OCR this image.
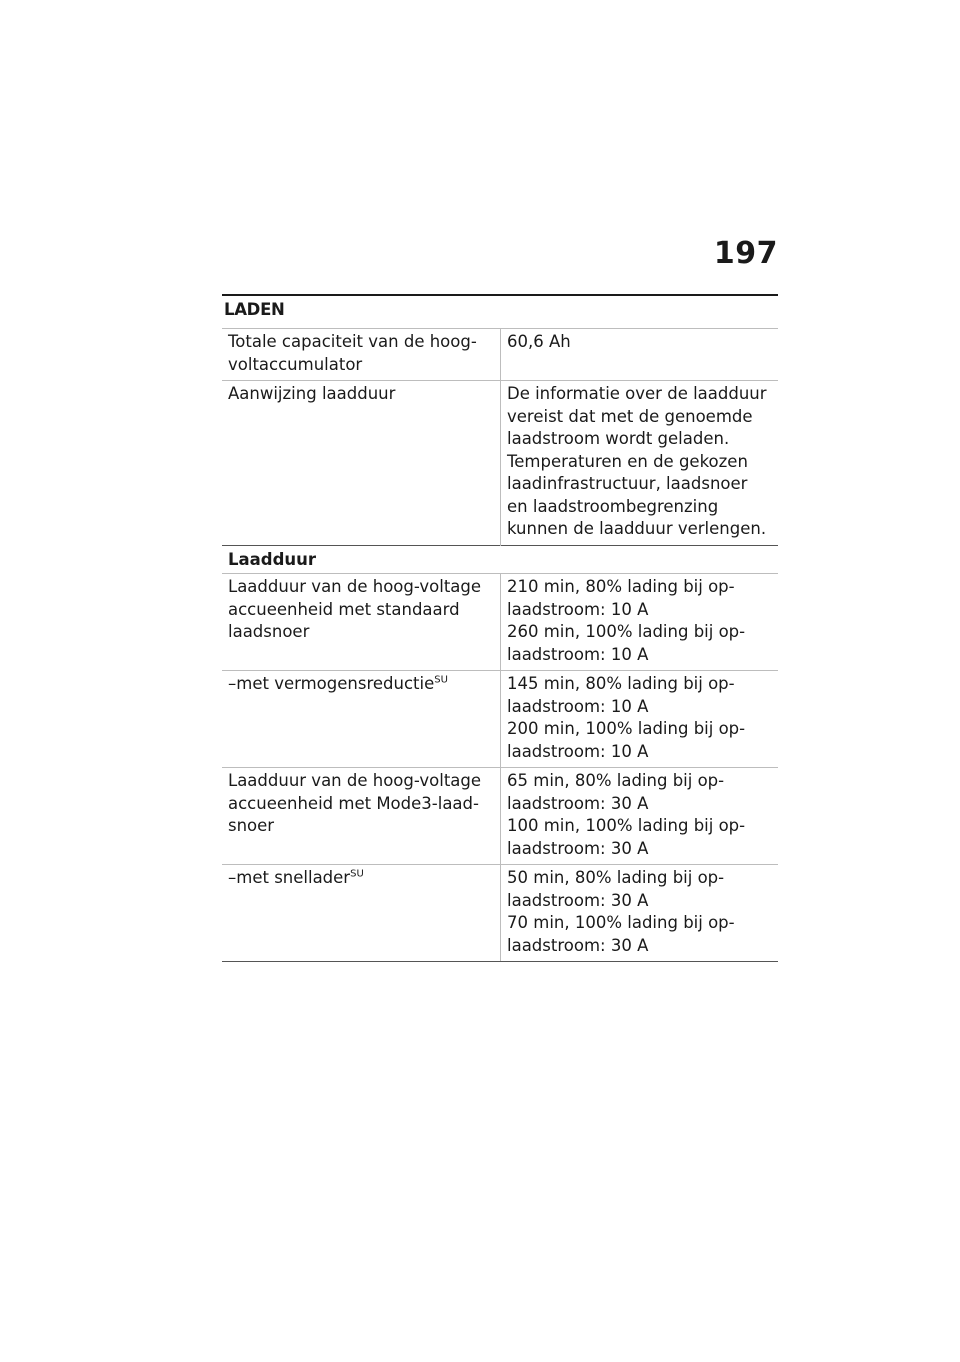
197
LADEN
Totale capaciteit van de hoog-voltaccumulator	60,6 Ah
Aanwijzing laadduur	De informatie over de laadduur vereist dat met de genoemde laadstroom wordt geladen. Temperaturen en de gekozen laadinfrastructuur, laadsnoer en laadstroombegrenzing kunnen de laadduur verlengen.
Laadduur	
Laadduur van de hoog-voltage accueenheid met standaard laadsnoer	210 min, 80% lading bij op-laadstroom: 10 A
260 min, 100% lading bij op-laadstroom: 10 A

–met vermogensreductie$^{SU}$	145 min, 80% lading bij op-laadstroom: 10 A
200 min, 100% lading bij op-laadstroom: 10 A

Laadduur van de hoog-voltage accueenheid met Mode3-laad-snoer	65 min, 80% lading bij op-laadstroom: 30 A
100 min, 100% lading bij op-laadstroom: 30 A

–met snellader$^{SU}$	50 min, 80% lading bij op-laadstroom: 30 A
70 min, 100% lading bij op-laadstroom: 30 A
